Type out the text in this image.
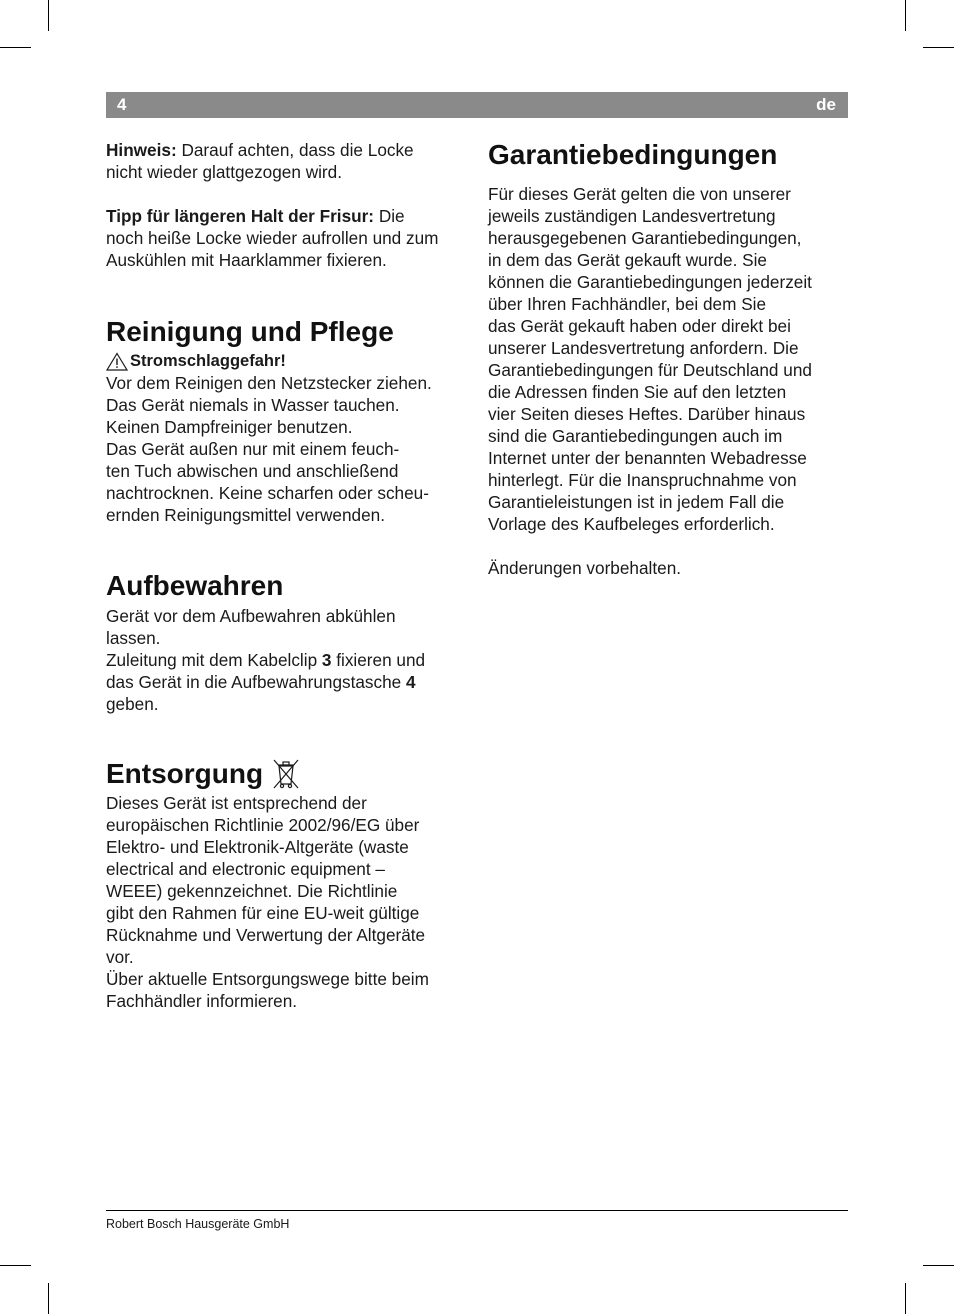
4	de

Hinweis: Darauf achten, dass die Locke
nicht wieder glattgezogen wird.

Tipp für längeren Halt der Frisur: Die
noch heiße Locke wieder aufrollen und zum
Auskühlen mit Haarklammer fixieren.

Reinigung und Pflege
Stromschlaggefahr!

Vor dem Reinigen den Netzstecker ziehen.
Das Gerät niemals in Wasser tauchen.
Keinen Dampfreiniger benutzen.
Das Gerät außen nur mit einem feuch-
ten Tuch abwischen und anschließend
nachtrocknen. Keine scharfen oder scheu-
ernden Reinigungsmittel verwenden.

Aufbewahren

Gerät vor dem Aufbewahren abkühlen
lassen.
Zuleitung mit dem Kabelclip 3 fixieren und
das Gerät in die Aufbewahrungstasche 4
geben.

Entsorgung

Dieses Gerät ist entsprechend der
europäischen Richtlinie 2002/96/EG über
Elektro- und Elektronik-Altgeräte (waste
electrical and electronic equipment –
WEEE) gekennzeichnet. Die Richtlinie
gibt den Rahmen für eine EU-weit gültige
Rücknahme und Verwertung der Altgeräte
vor.
Über aktuelle Entsorgungswege bitte beim
Fachhändler informieren.

Garantiebedingungen

Für dieses Gerät gelten die von unserer
jeweils zuständigen Landesvertretung
herausgegebenen Garantiebedingungen,
in dem das Gerät gekauft wurde. Sie
können die Garantiebedingungen jederzeit
über Ihren Fachhändler, bei dem Sie
das Gerät gekauft haben oder direkt bei
unserer Landesvertretung anfordern. Die
Garantiebedingungen für Deutschland und
die Adressen finden Sie auf den letzten
vier Seiten dieses Heftes. Darüber hinaus
sind die Garantiebedingungen auch im
Internet unter der benannten Webadresse
hinterlegt. Für die Inanspruchnahme von
Garantieleistungen ist in jedem Fall die
Vorlage des Kaufbeleges erforderlich.

Änderungen vorbehalten.

Robert Bosch Hausgeräte GmbH
